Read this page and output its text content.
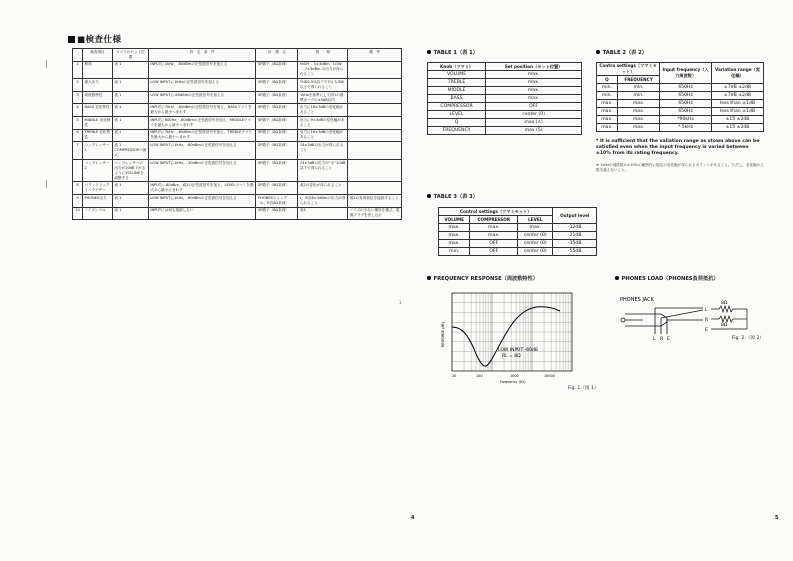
■検査仕様
	検査項目	ツマミのセット位置	設　定　条　件	計　測　点	規　　格	備　考
1	利得	表 1	INPUTに1kHz，-60dBmの正弦波信号を加える	SP端子（8Ω負荷）	HIGH ：5±3dBm　LOW ：-7±3dBm の出力が得られること	
2	最大出力	表 1	LOW INPUTに1kHzの正弦波信号を加える	SP端子（8Ω負荷）	THD2.5%以下で3％ 3.5W以上で得られること	
3	周波数特性	表 1	LOW INPUTに-60dBmの正弦波信号を加える	SP端子（8Ω負荷）	1kHzを基準にして図1の基準カーブの±5dB以内	
4	BASS 変化特性	表 1	INPUTに70Hz，-60dBmの正弦波信号を加え，BASSツマミを最大から最小へまわす	SP端子（8Ω負荷）	出力に18±3dBの変化幅があること	
5	MIDDLE 変化特性	表 1	INPUTに800Hz，-60dBmの正弦波信号を加え，MIDDLEツマミを最大から最小へまわす	SP端子（8Ω負荷）	出力に9±3dBの変化幅があること	
6	TREBLE 変化特性	表 1	INPUTに7kHz，-60dBmの正弦波信号を加え，TREBLEツマミを最大から最小へまわす	SP端子（8Ω負荷）	出力に16±3dBの変化幅があること	
7	コンプレッサー 1	表 1　COMPRESSOR→最大	LOW INPUTに1kHz，-60dBmの正弦波信号を加える	SP端子（8Ω負荷）	14±3dBの出力が得られること	
	コンプレッサー 2	コンプレッサーの出力が20dB下がるようにVOLUMEを調整する	LOW INPUTに1kHz，-30dBmの正弦波信号を加える	SP端子（8Ω負荷）	23±3dBの出力が“小”10dB以下で得られること	
8	バランドリック イコライザー	表 1	INPUTに-60dBm，表2の正弦波信号を加え，LEVELツマミを最大から最小にまわす	SP端子（8Ω負荷）	表2の変化が得られること	
9	PHONES出力	表 1	LOW INPUTに1kHz，-60dBmの正弦波信号を加える	PHONESジャック（L，R各8Ω負荷）	L，R各8±3dBmの出力が得られること	図2の負荷抵抗を接続すること
10	ノイズレベル	表 1	INPUTには何も接続しない	SP端子（8Ω負荷）	表3	ノイズの少ない場所を選び，電源プラグを差し込む
1
4
TABLE 1（表 1）
Knob（ツマミ）	Set position（セット位置）
VOLUME	max.
TREBLE	max.
MIDDLE	max.
BASS	max.
COMPRESSOR	OFF
LEVEL	center (0)
Q	max.(∧)
FREQUENCY	max.(5)
TABLE 2（表 2）
Contro settings（ツマミセット）		Input frequency（入力周波数）	Variation range（変化幅）
Q	FREQUENCY		
min.	min.	650Hz	±7dB ±2dB
min.	min.	650Hz	±7dB ±2dB
max.	max.	650Hz	less than ±1dB
max.	max.	650Hz	less than ±1dB
max.	max.	*90kHz	±15 ±2dB
max.	max.	* 5kHz	±15 ±2dB
* It is sufficient that the valiation range as stown above can be satisfied even when the input frequency is varied between ±10% from its rating frequency.
※ 1kHzの周波数の±10%の範囲内に規定の変化幅が得られるポイントがあること。ただし，変化幅の上限を越えないこと。
TABLE 3（表 3）
Control settings（ツマミセット）			Output level
VOLUME	COMPRESSOR	LEVEL	
max.	max.	max.	-12dB
max.	max.	center (0)	-21dB
max.	OFF	center (0)	-35dB
min.	OFF	center (0)	-55dB
FREQUENCY RESPONSE（周波数特性）
LOW INPUT -60dB
RL = 8Ω
RESPONSE (dB)
20	100	1000	10000
Frequency (Hz)
Fig. 1（図 1）
PHONES LOAD（PHONES負荷抵抗）
PHONES JACK
L R E
L
R
E
8Ω
8Ω
Fig. 2.（図 2）
5
